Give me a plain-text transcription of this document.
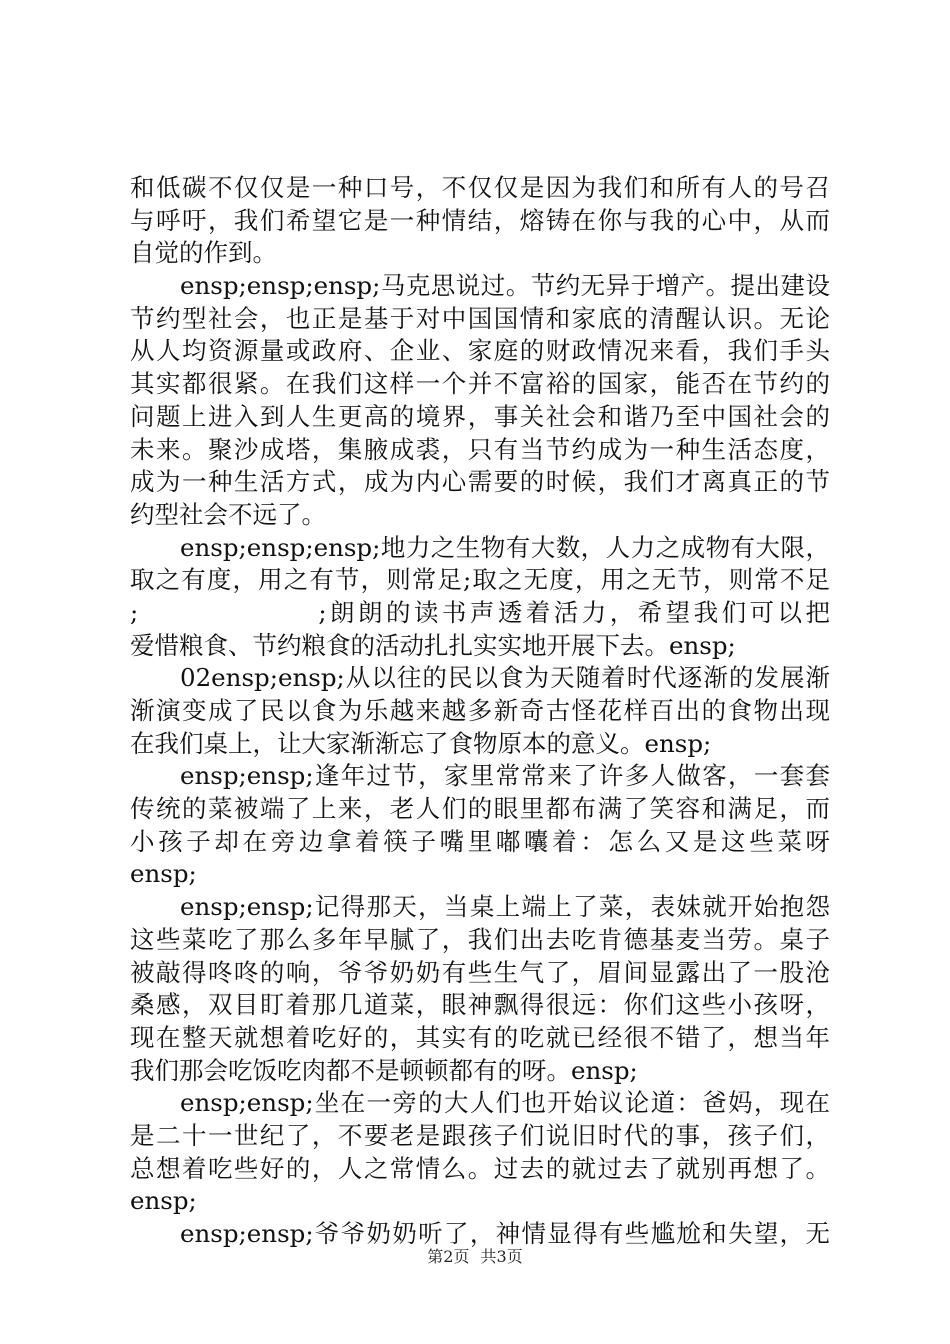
和低碳不仅仅是一种口号，不仅仅是因为我们和所有人的号召

与呼吁，我们希望它是一种情结，熔铸在你与我的心中，从而

自觉的作到。

ensp;ensp;ensp;马克思说过。节约无异于增产。提出建设

节约型社会，也正是基于对中国国情和家底的清醒认识。无论

从人均资源量或政府、企业、家庭的财政情况来看，我们手头

其实都很紧。在我们这样一个并不富裕的国家，能否在节约的

问题上进入到人生更高的境界，事关社会和谐乃至中国社会的

未来。聚沙成塔，集腋成裘，只有当节约成为一种生活态度，

成为一种生活方式，成为内心需要的时候，我们才离真正的节

约型社会不远了。

ensp;ensp;ensp;地力之生物有大数，人力之成物有大限，

取之有度，用之有节，则常足;取之无度，用之无节，则常不足

;                ;朗朗的读书声透着活力，希望我们可以把

爱惜粮食、节约粮食的活动扎扎实实地开展下去。ensp;

02ensp;ensp;从以往的民以食为天随着时代逐渐的发展渐

渐演变成了民以食为乐越来越多新奇古怪花样百出的食物出现

在我们桌上，让大家渐渐忘了食物原本的意义。ensp;

ensp;ensp;逢年过节，家里常常来了许多人做客，一套套

传统的菜被端了上来，老人们的眼里都布满了笑容和满足，而

小孩子却在旁边拿着筷子嘴里嘟囔着：怎么又是这些菜呀

ensp;

ensp;ensp;记得那天，当桌上端上了菜，表妹就开始抱怨

这些菜吃了那么多年早腻了，我们出去吃肯德基麦当劳。桌子

被敲得咚咚的响，爷爷奶奶有些生气了，眉间显露出了一股沧

桑感，双目盯着那几道菜，眼神飘得很远：你们这些小孩呀，

现在整天就想着吃好的，其实有的吃就已经很不错了，想当年

我们那会吃饭吃肉都不是顿顿都有的呀。ensp;

ensp;ensp;坐在一旁的大人们也开始议论道：爸妈，现在

是二十一世纪了，不要老是跟孩子们说旧时代的事，孩子们，

总想着吃些好的，人之常情么。过去的就过去了就别再想了。

ensp;

ensp;ensp;爷爷奶奶听了，神情显得有些尴尬和失望，无

第2页 共3页
